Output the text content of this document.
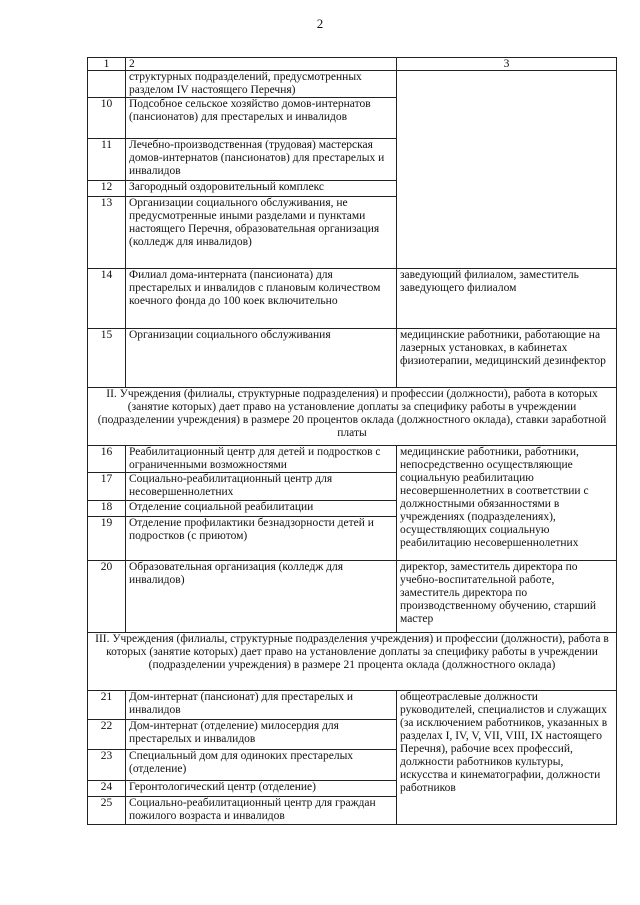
2
1	2	3
	структурных подразделений, предусмотренных разделом IV настоящего Перечня)	
10	Подсобное сельское хозяйство домов-интернатов (пансионатов) для престарелых и инвалидов	
11	Лечебно-производственная (трудовая) мастерская домов-интернатов (пансионатов) для престарелых и инвалидов	
12	Загородный оздоровительный комплекс	
13	Организации социального обслуживания, не предусмотренные иными разделами и пунктами настоящего Перечня, образовательная организация (колледж для инвалидов)	
14	Филиал дома-интерната (пансионата) для престарелых и инвалидов с плановым количеством коечного фонда до 100 коек включительно	заведующий филиалом, заместитель заведующего филиалом
15	Организации социального обслуживания	медицинские работники, работающие на лазерных установках, в кабинетах физиотерапии, медицинский дезинфектор
II. Учреждения (филиалы, структурные подразделения) и профессии (должности), работа в которых (занятие которых) дает право на установление доплаты за специфику работы в учреждении (подразделении учреждения) в размере 20 процентов оклада (должностного оклада), ставки заработной платы		
16	Реабилитационный центр для детей и подростков с ограниченными возможностями	медицинские работники, работники, непосредственно осуществляющие социальную реабилитацию несовершеннолетних в соответствии с должностными обязанностями в учреждениях (подразделениях), осуществляющих социальную реабилитацию несовершеннолетних
17	Социально-реабилитационный центр для несовершеннолетних	
18	Отделение социальной реабилитации	
19	Отделение профилактики безнадзорности детей и подростков (с приютом)	
20	Образовательная организация (колледж для инвалидов)	директор, заместитель директора по учебно-воспитательной работе, заместитель директора по производственному обучению, старший мастер
III. Учреждения (филиалы, структурные подразделения учреждения) и профессии (должности), работа в которых (занятие которых) дает право на установление доплаты за специфику работы в учреждении (подразделении учреждения) в размере 21 процента оклада (должностного оклада)		
21	Дом-интернат (пансионат) для престарелых и инвалидов	общеотраслевые должности руководителей, специалистов и служащих (за исключением работников, указанных в разделах I, IV, V, VII, VIII, IX настоящего Перечня), рабочие всех профессий, должности работников культуры, искусства и кинематографии, должности работников
22	Дом-интернат (отделение) милосердия для престарелых и инвалидов	
23	Специальный дом для одиноких престарелых (отделение)	
24	Геронтологический центр (отделение)	
25	Социально-реабилитационный центр для граждан пожилого возраста и инвалидов	
